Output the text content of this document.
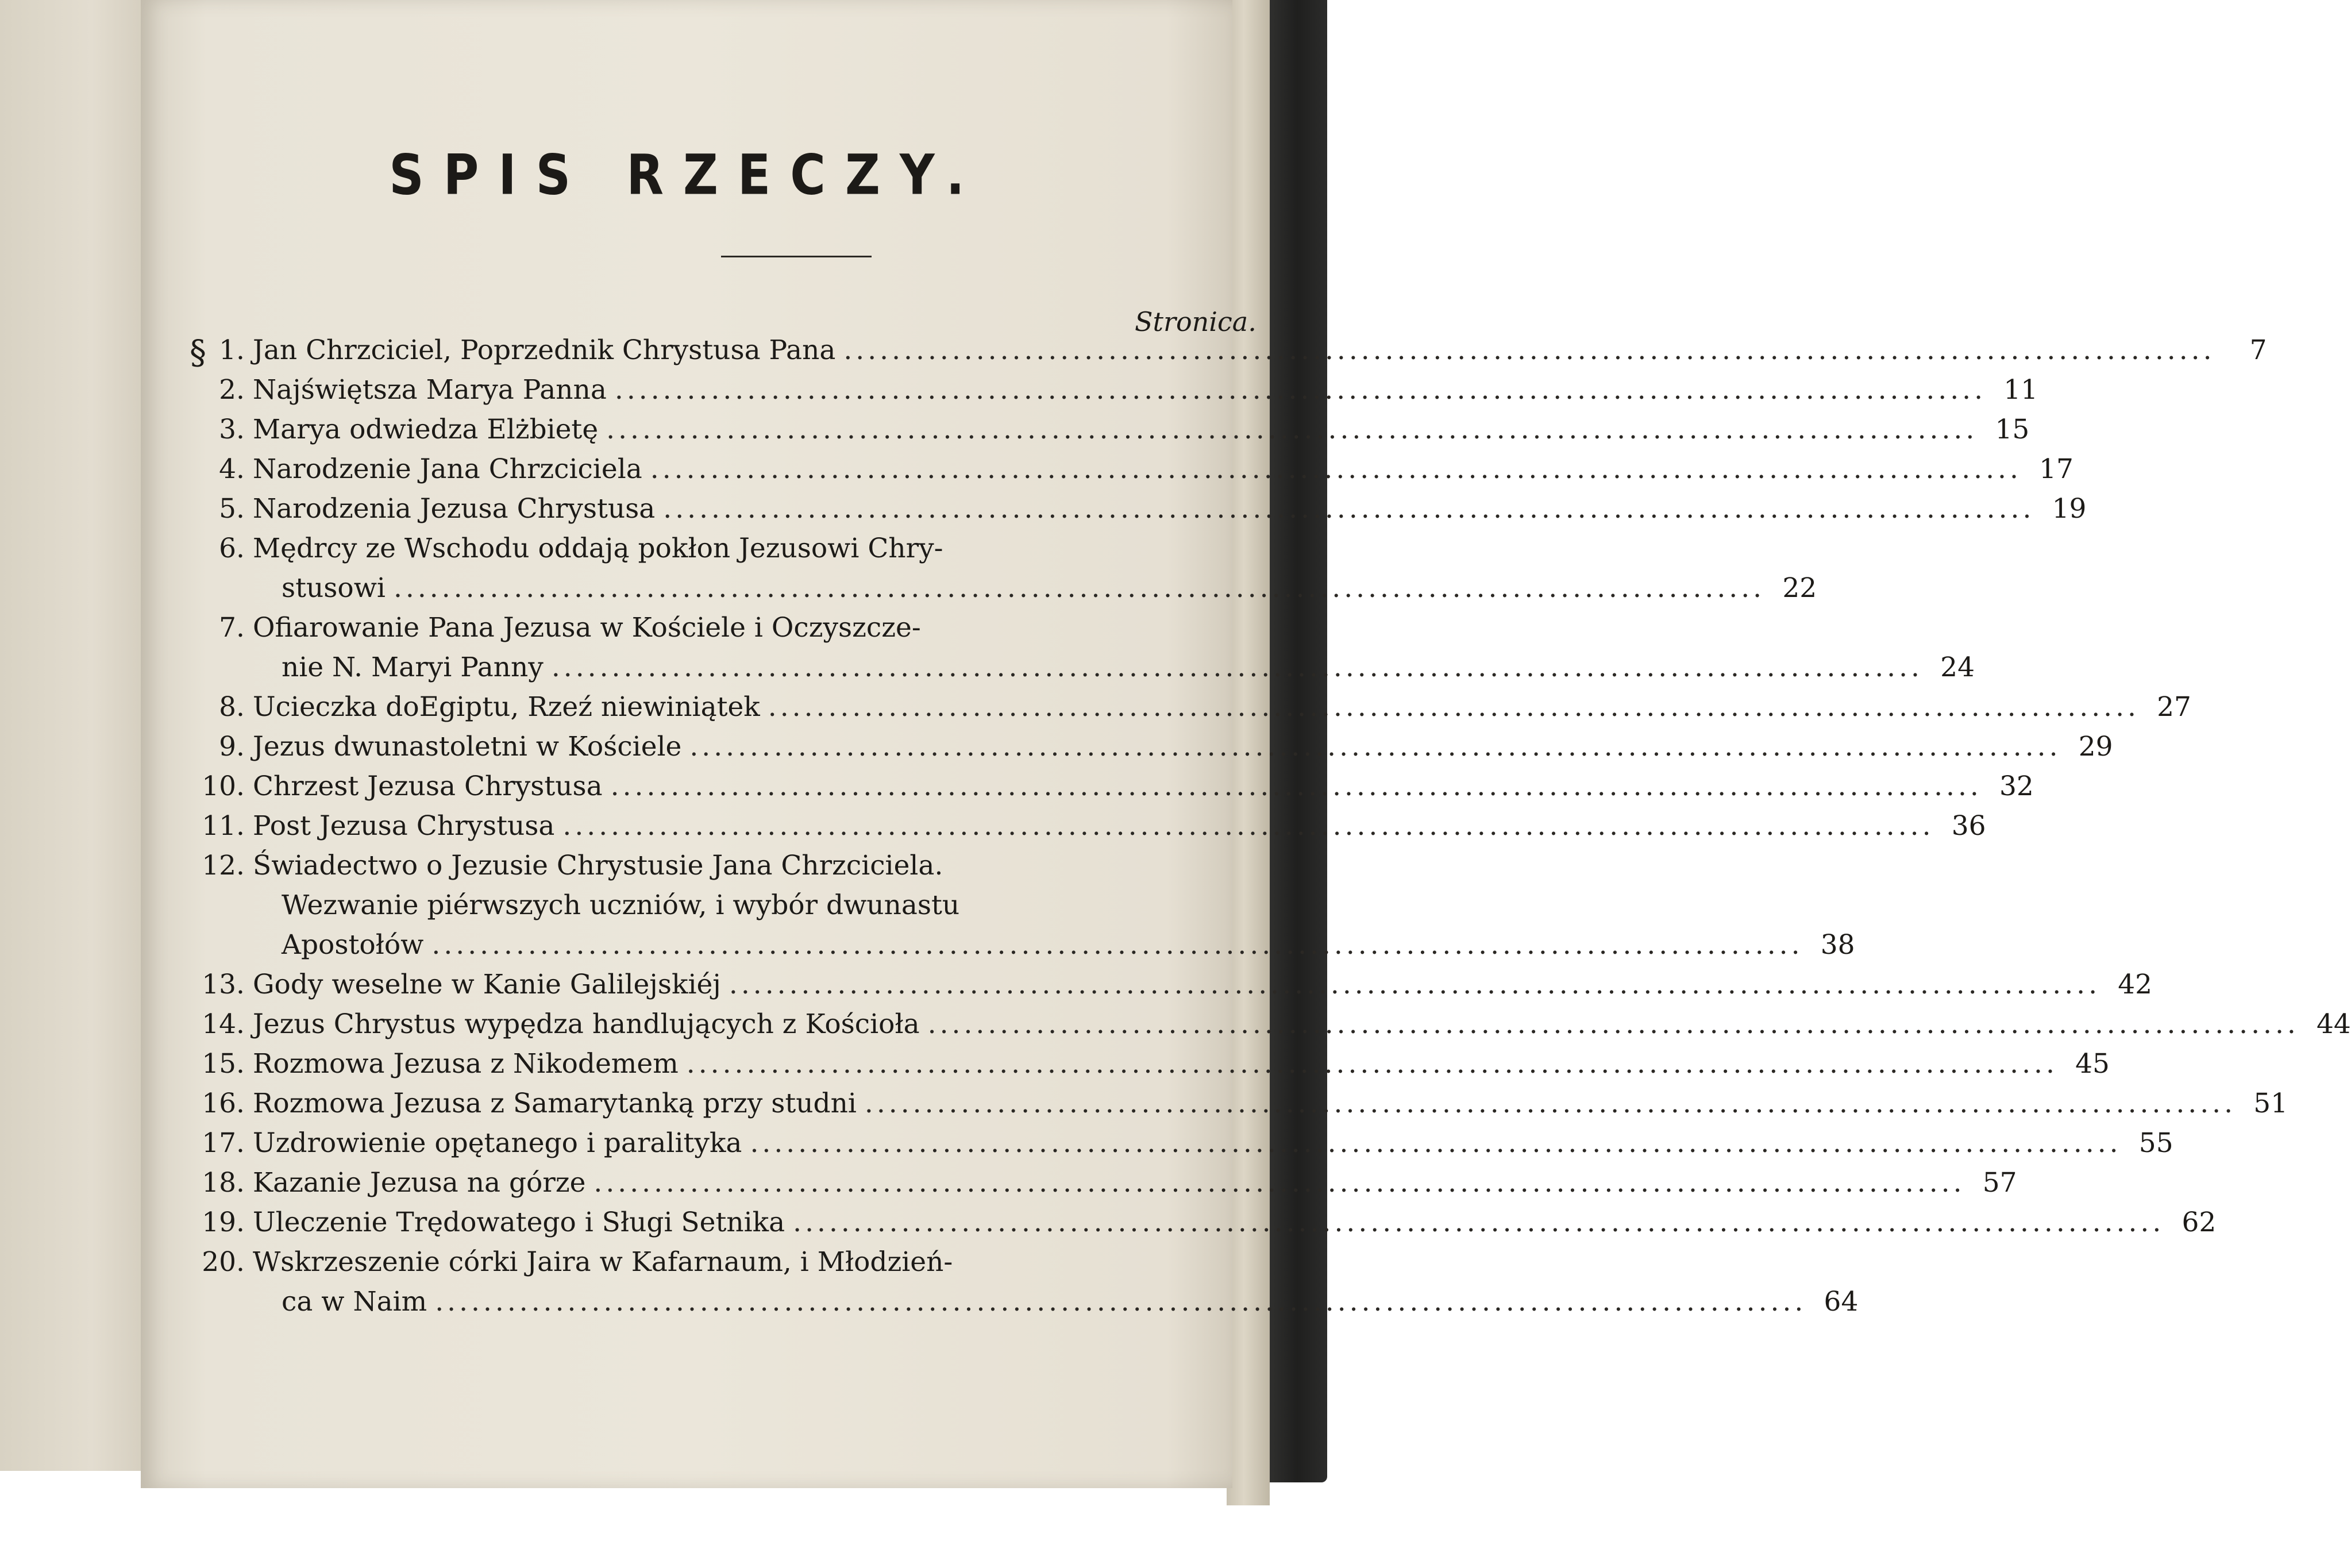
SPIS RZECZY.
Stronica.
§ 1. Jan Chrzciciel, Poprzednik Chrystusa Pana .....	7
2. Najświętsza Marya Panna .....	11
3. Marya odwiedza Elżbietę .....	15
4. Narodzenie Jana Chrzciciela .....	17
5. Narodzenia Jezusa Chrystusa .....	19
6. Mędrcy ze Wschodu oddają pokłon Jezusowi Chry-
stusowi .....	22
7. Ofiarowanie Pana Jezusa w Kościele i Oczyszcze-
nie N. Maryi Panny .....	24
8. Ucieczka doEgiptu, Rzeź niewiniątek .....	27
9. Jezus dwunastoletni w Kościele .....	29
10. Chrzest Jezusa Chrystusa .....	32
11. Post Jezusa Chrystusa .....	36
12. Świadectwo o Jezusie Chrystusie Jana Chrzciciela.
Wezwanie piérwszych uczniów, i wybór dwunastu
Apostołów .....	38
13. Gody weselne w Kanie Galilejskiéj .....	42
14. Jezus Chrystus wypędza handlujących z Kościoła .....	44
15. Rozmowa Jezusa z Nikodemem .....	45
16. Rozmowa Jezusa z Samarytanką przy studni .....	51
17. Uzdrowienie opętanego i paralityka .....	55
18. Kazanie Jezusa na górze .....	57
19. Uleczenie Trędowatego i Sługi Setnika .....	62
20. Wskrzeszenie córki Jaira w Kafarnaum, i Młodzień-
ca w Naim .....	64
